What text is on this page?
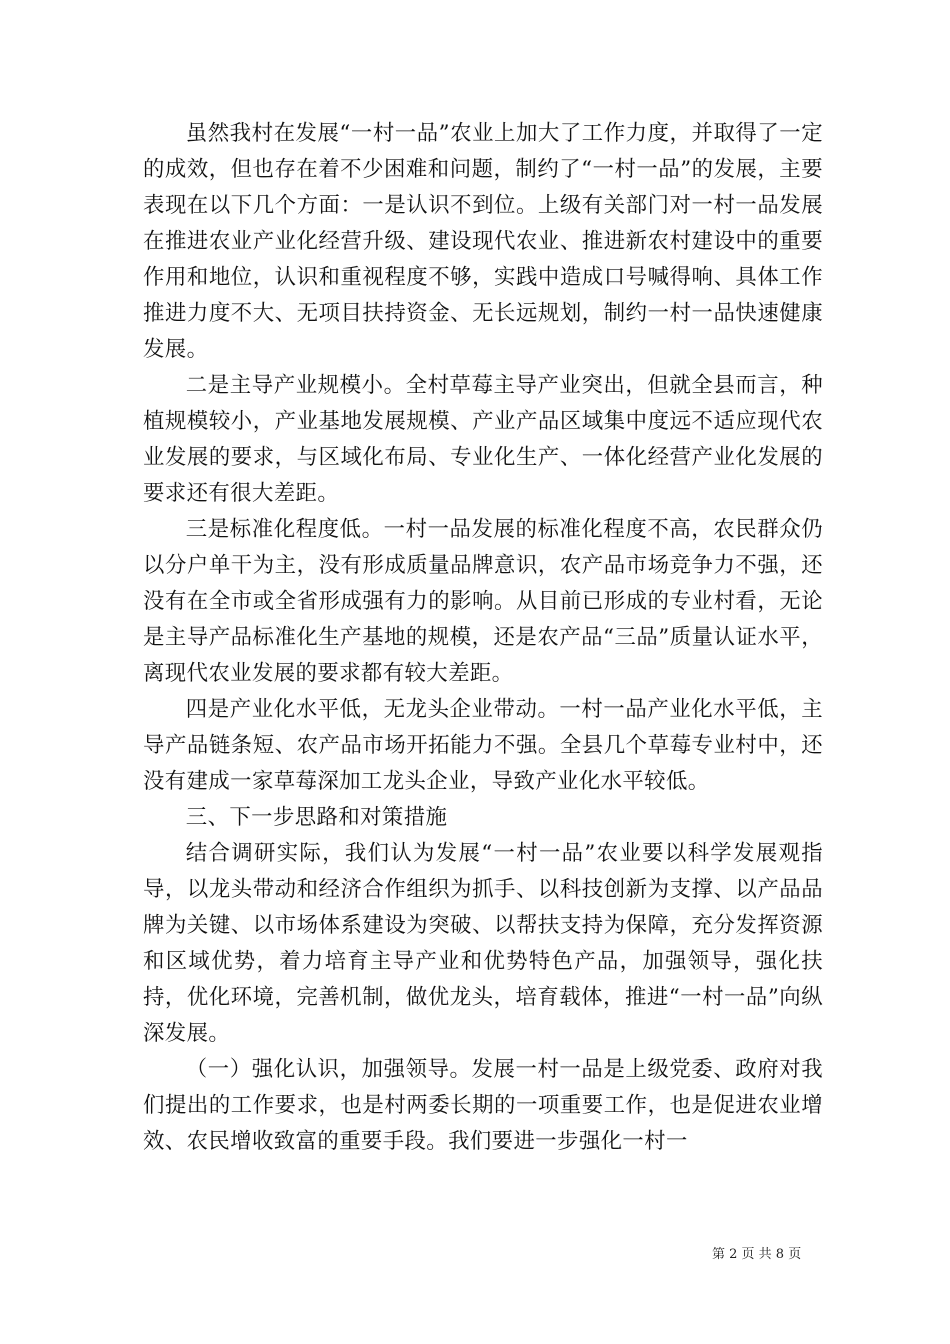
虽然我村在发展“一村一品”农业上加大了工作力度，并取得了一定的成效，但也存在着不少困难和问题，制约了“一村一品”的发展，主要表现在以下几个方面：一是认识不到位。上级有关部门对一村一品发展在推进农业产业化经营升级、建设现代农业、推进新农村建设中的重要作用和地位，认识和重视程度不够，实践中造成口号喊得响、具体工作推进力度不大、无项目扶持资金、无长远规划，制约一村一品快速健康发展。

二是主导产业规模小。全村草莓主导产业突出，但就全县而言，种植规模较小，产业基地发展规模、产业产品区域集中度远不适应现代农业发展的要求，与区域化布局、专业化生产、一体化经营产业化发展的要求还有很大差距。

三是标准化程度低。一村一品发展的标准化程度不高，农民群众仍以分户单干为主，没有形成质量品牌意识，农产品市场竞争力不强，还没有在全市或全省形成强有力的影响。从目前已形成的专业村看，无论是主导产品标准化生产基地的规模，还是农产品“三品”质量认证水平，离现代农业发展的要求都有较大差距。

四是产业化水平低，无龙头企业带动。一村一品产业化水平低，主导产品链条短、农产品市场开拓能力不强。全县几个草莓专业村中，还没有建成一家草莓深加工龙头企业，导致产业化水平较低。

三、下一步思路和对策措施

结合调研实际，我们认为发展“一村一品”农业要以科学发展观指导，以龙头带动和经济合作组织为抓手、以科技创新为支撑、以产品品牌为关键、以市场体系建设为突破、以帮扶支持为保障，充分发挥资源和区域优势，着力培育主导产业和优势特色产品，加强领导，强化扶持，优化环境，完善机制，做优龙头，培育载体，推进“一村一品”向纵深发展。

（一）强化认识，加强领导。发展一村一品是上级党委、政府对我们提出的工作要求，也是村两委长期的一项重要工作，也是促进农业增效、农民增收致富的重要手段。我们要进一步强化一村一

第 2 页 共 8 页
